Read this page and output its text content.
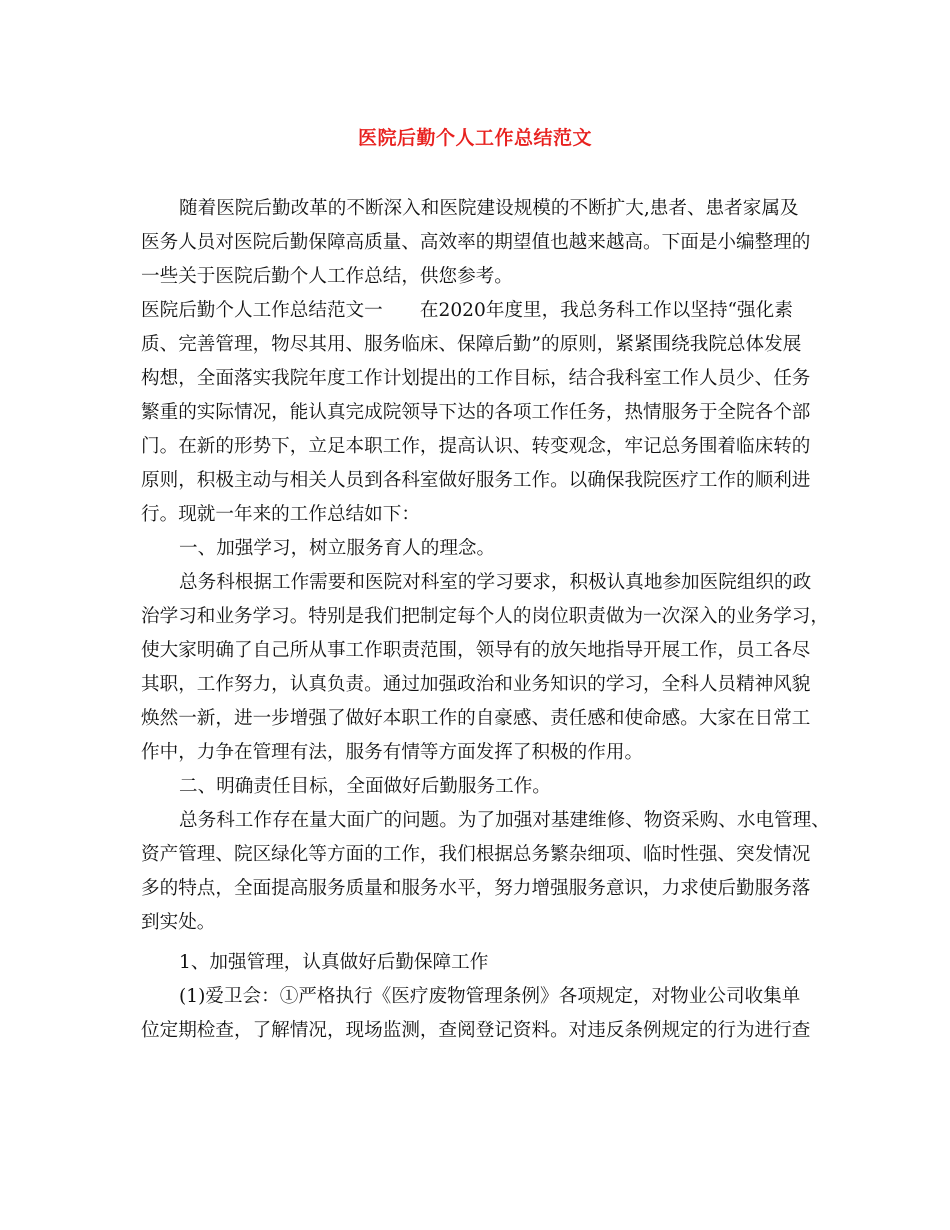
医院后勤个人工作总结范文
随着医院后勤改革的不断深入和医院建设规模的不断扩大,患者、患者家属及
医务人员对医院后勤保障高质量、高效率的期望值也越来越高。下面是小编整理的
一些关于医院后勤个人工作总结，供您参考。
医院后勤个人工作总结范文一　　在2020年度里，我总务科工作以坚持“强化素
质、完善管理，物尽其用、服务临床、保障后勤”的原则，紧紧围绕我院总体发展
构想，全面落实我院年度工作计划提出的工作目标，结合我科室工作人员少、任务
繁重的实际情况，能认真完成院领导下达的各项工作任务，热情服务于全院各个部
门。在新的形势下，立足本职工作，提高认识、转变观念，牢记总务围着临床转的
原则，积极主动与相关人员到各科室做好服务工作。以确保我院医疗工作的顺利进
行。现就一年来的工作总结如下：
一、加强学习，树立服务育人的理念。
总务科根据工作需要和医院对科室的学习要求，积极认真地参加医院组织的政
治学习和业务学习。特别是我们把制定每个人的岗位职责做为一次深入的业务学习，
使大家明确了自己所从事工作职责范围，领导有的放矢地指导开展工作，员工各尽
其职，工作努力，认真负责。通过加强政治和业务知识的学习，全科人员精神风貌
焕然一新，进一步增强了做好本职工作的自豪感、责任感和使命感。大家在日常工
作中，力争在管理有法，服务有情等方面发挥了积极的作用。
二、明确责任目标，全面做好后勤服务工作。
总务科工作存在量大面广的问题。为了加强对基建维修、物资采购、水电管理、
资产管理、院区绿化等方面的工作，我们根据总务繁杂细项、临时性强、突发情况
多的特点，全面提高服务质量和服务水平，努力增强服务意识，力求使后勤服务落
到实处。
1、加强管理，认真做好后勤保障工作
(1)爱卫会：①严格执行《医疗废物管理条例》各项规定，对物业公司收集单
位定期检查，了解情况，现场监测，查阅登记资料。对违反条例规定的行为进行查
